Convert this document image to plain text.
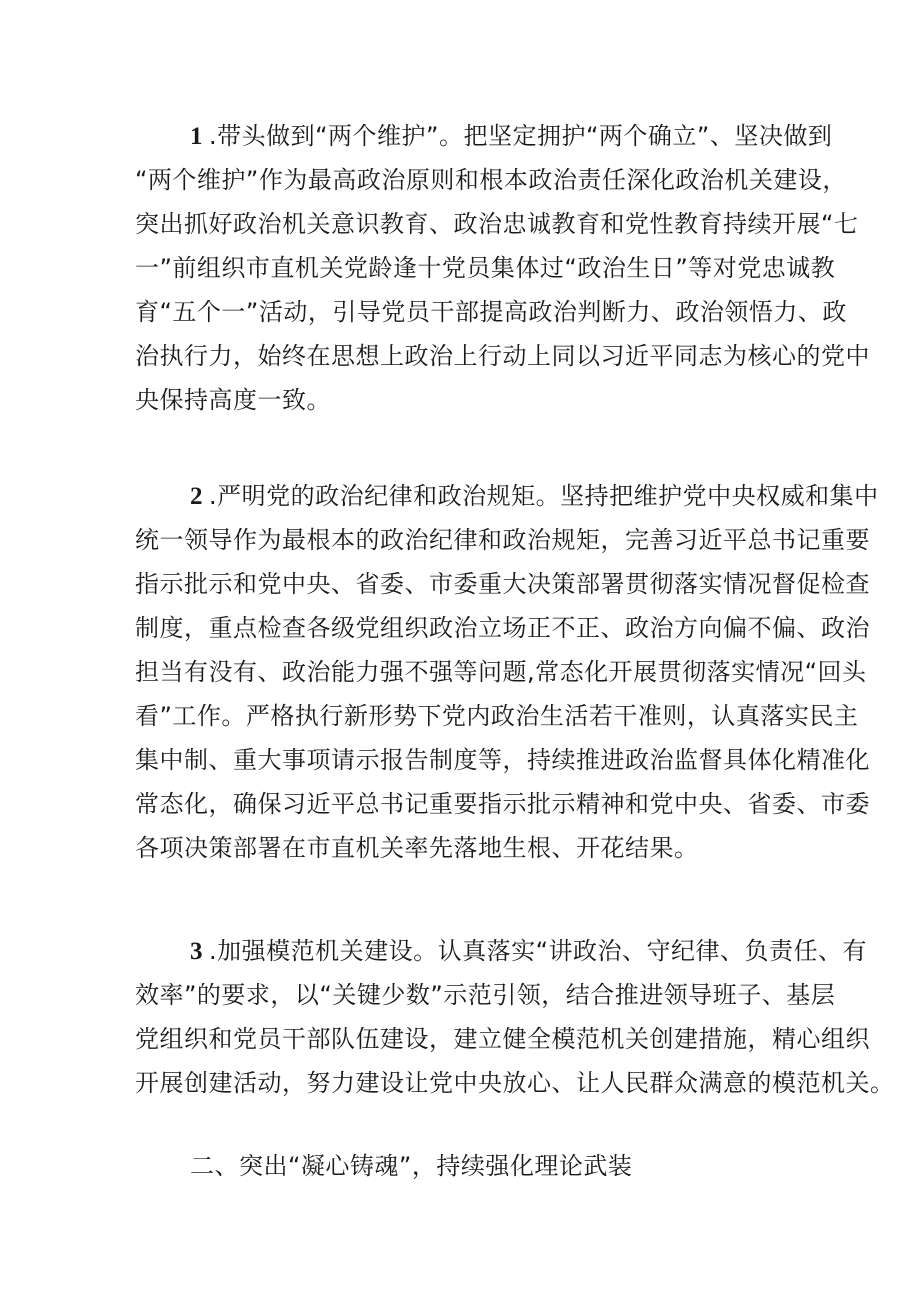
1 .带头做到“两个维护”。把坚定拥护“两个确立”、坚决做到
“两个维护”作为最高政治原则和根本政治责任深化政治机关建设，
突出抓好政治机关意识教育、政治忠诚教育和党性教育持续开展“七
一”前组织市直机关党龄逢十党员集体过“政治生日”等对党忠诚教
育“五个一”活动，引导党员干部提高政治判断力、政治领悟力、政
治执行力，始终在思想上政治上行动上同以习近平同志为核心的党中
央保持高度一致。
2 .严明党的政治纪律和政治规矩。坚持把维护党中央权威和集中
统一领导作为最根本的政治纪律和政治规矩，完善习近平总书记重要
指示批示和党中央、省委、市委重大决策部署贯彻落实情况督促检查
制度，重点检查各级党组织政治立场正不正、政治方向偏不偏、政治
担当有没有、政治能力强不强等问题,常态化开展贯彻落实情况“回头
看”工作。严格执行新形势下党内政治生活若干准则，认真落实民主
集中制、重大事项请示报告制度等，持续推进政治监督具体化精准化
常态化，确保习近平总书记重要指示批示精神和党中央、省委、市委
各项决策部署在市直机关率先落地生根、开花结果。
3 .加强模范机关建设。认真落实“讲政治、守纪律、负责任、有
效率”的要求，以“关键少数”示范引领，结合推进领导班子、基层
党组织和党员干部队伍建设，建立健全模范机关创建措施，精心组织
开展创建活动，努力建设让党中央放心、让人民群众满意的模范机关。
二、突出“凝心铸魂”，持续强化理论武装
